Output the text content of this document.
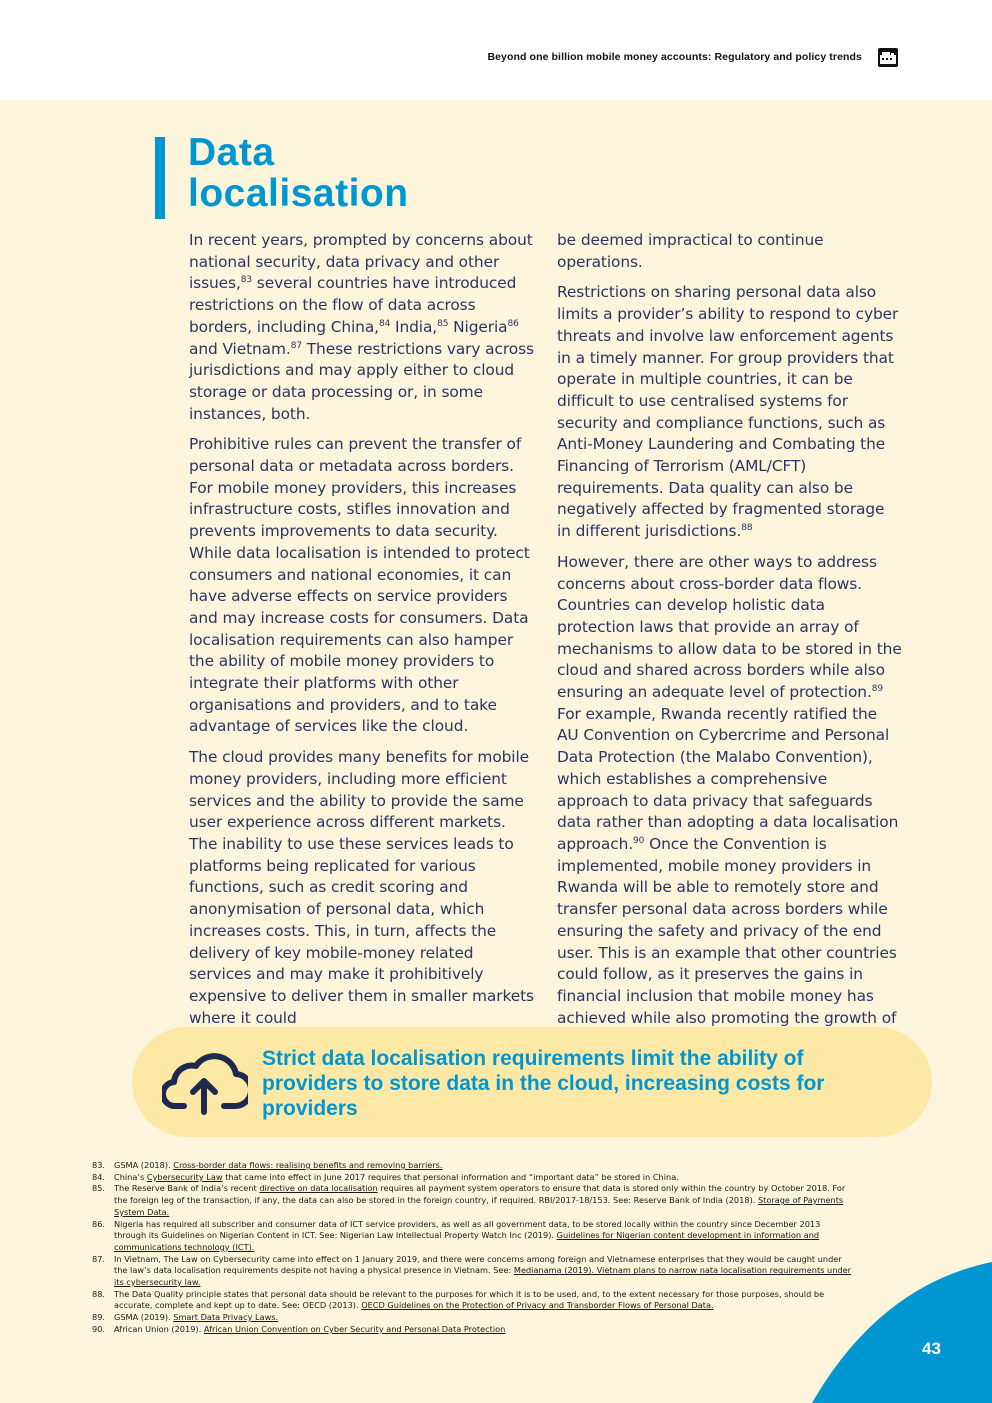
Beyond one billion mobile money accounts: Regulatory and policy trends
Data
localisation

In recent years, prompted by concerns about national security, data privacy and other issues,$^{83}$ several countries have introduced restrictions on the flow of data across borders, including China,$^{84}$ India,$^{85}$ Nigeria$^{86}$ and Vietnam.$^{87}$ These restrictions vary across jurisdictions and may apply either to cloud storage or data processing or, in some instances, both.

Prohibitive rules can prevent the transfer of personal data or metadata across borders. For mobile money providers, this increases infrastructure costs, stifles innovation and prevents improvements to data security. While data localisation is intended to protect consumers and national economies, it can have adverse effects on service providers and may increase costs for consumers. Data localisation requirements can also hamper the ability of mobile money providers to integrate their platforms with other organisations and providers, and to take advantage of services like the cloud.

The cloud provides many benefits for mobile money providers, including more efficient services and the ability to provide the same user experience across different markets. The inability to use these services leads to platforms being replicated for various functions, such as credit scoring and anonymisation of personal data, which increases costs. This, in turn, affects the delivery of key mobile-money related services and may make it prohibitively expensive to deliver them in smaller markets where it could

be deemed impractical to continue operations.

Restrictions on sharing personal data also limits a provider’s ability to respond to cyber threats and involve law enforcement agents in a timely manner. For group providers that operate in multiple countries, it can be difficult to use centralised systems for security and compliance functions, such as Anti-Money Laundering and Combating the Financing of Terrorism (AML/CFT) requirements. Data quality can also be negatively affected by fragmented storage in different jurisdictions.$^{88}$

However, there are other ways to address concerns about cross-border data flows. Countries can develop holistic data protection laws that provide an array of mechanisms to allow data to be stored in the cloud and shared across borders while also ensuring an adequate level of protection.$^{89}$ For example, Rwanda recently ratified the AU Convention on Cybercrime and Personal Data Protection (the Malabo Convention), which establishes a comprehensive approach to data privacy that safeguards data rather than adopting a data localisation approach.$^{90}$ Once the Convention is implemented, mobile money providers in Rwanda will be able to remotely store and transfer personal data across borders while ensuring the safety and privacy of the end user. This is an example that other countries could follow, as it preserves the gains in financial inclusion that mobile money has achieved while also promoting the growth of

Strict data localisation requirements limit the ability of providers to store data in the cloud, increasing costs for providers
83.	GSMA (2018). Cross-border data flows: realising benefits and removing barriers.
84.	China’s Cybersecurity Law that came into effect in June 2017 requires that personal information and “important data” be stored in China.
85.	The Reserve Bank of India’s recent directive on data localisation requires all payment system operators to ensure that data is stored only within the country by October 2018. For the foreign leg of the transaction, if any, the data can also be stored in the foreign country, if required. RBI/2017-18/153. See: Reserve Bank of India (2018). Storage of Payments System Data.
86.	Nigeria has required all subscriber and consumer data of ICT service providers, as well as all government data, to be stored locally within the country since December 2013 through its Guidelines on Nigerian Content in ICT. See: Nigerian Law Intellectual Property Watch Inc (2019). Guidelines for Nigerian content development in information and communications technology (ICT).
87.	In Vietnam, The Law on Cybersecurity came into effect on 1 January 2019, and there were concerns among foreign and Vietnamese enterprises that they would be caught under the law’s data localisation requirements despite not having a physical presence in Vietnam. See: Medianama (2019). Vietnam plans to narrow nata localisation requirements under its cybersecurity law.
88.	The Data Quality principle states that personal data should be relevant to the purposes for which it is to be used, and, to the extent necessary for those purposes, should be accurate, complete and kept up to date. See: OECD (2013). OECD Guidelines on the Protection of Privacy and Transborder Flows of Personal Data.
89.	GSMA (2019). Smart Data Privacy Laws.
90.	African Union (2019). African Union Convention on Cyber Security and Personal Data Protection
43
